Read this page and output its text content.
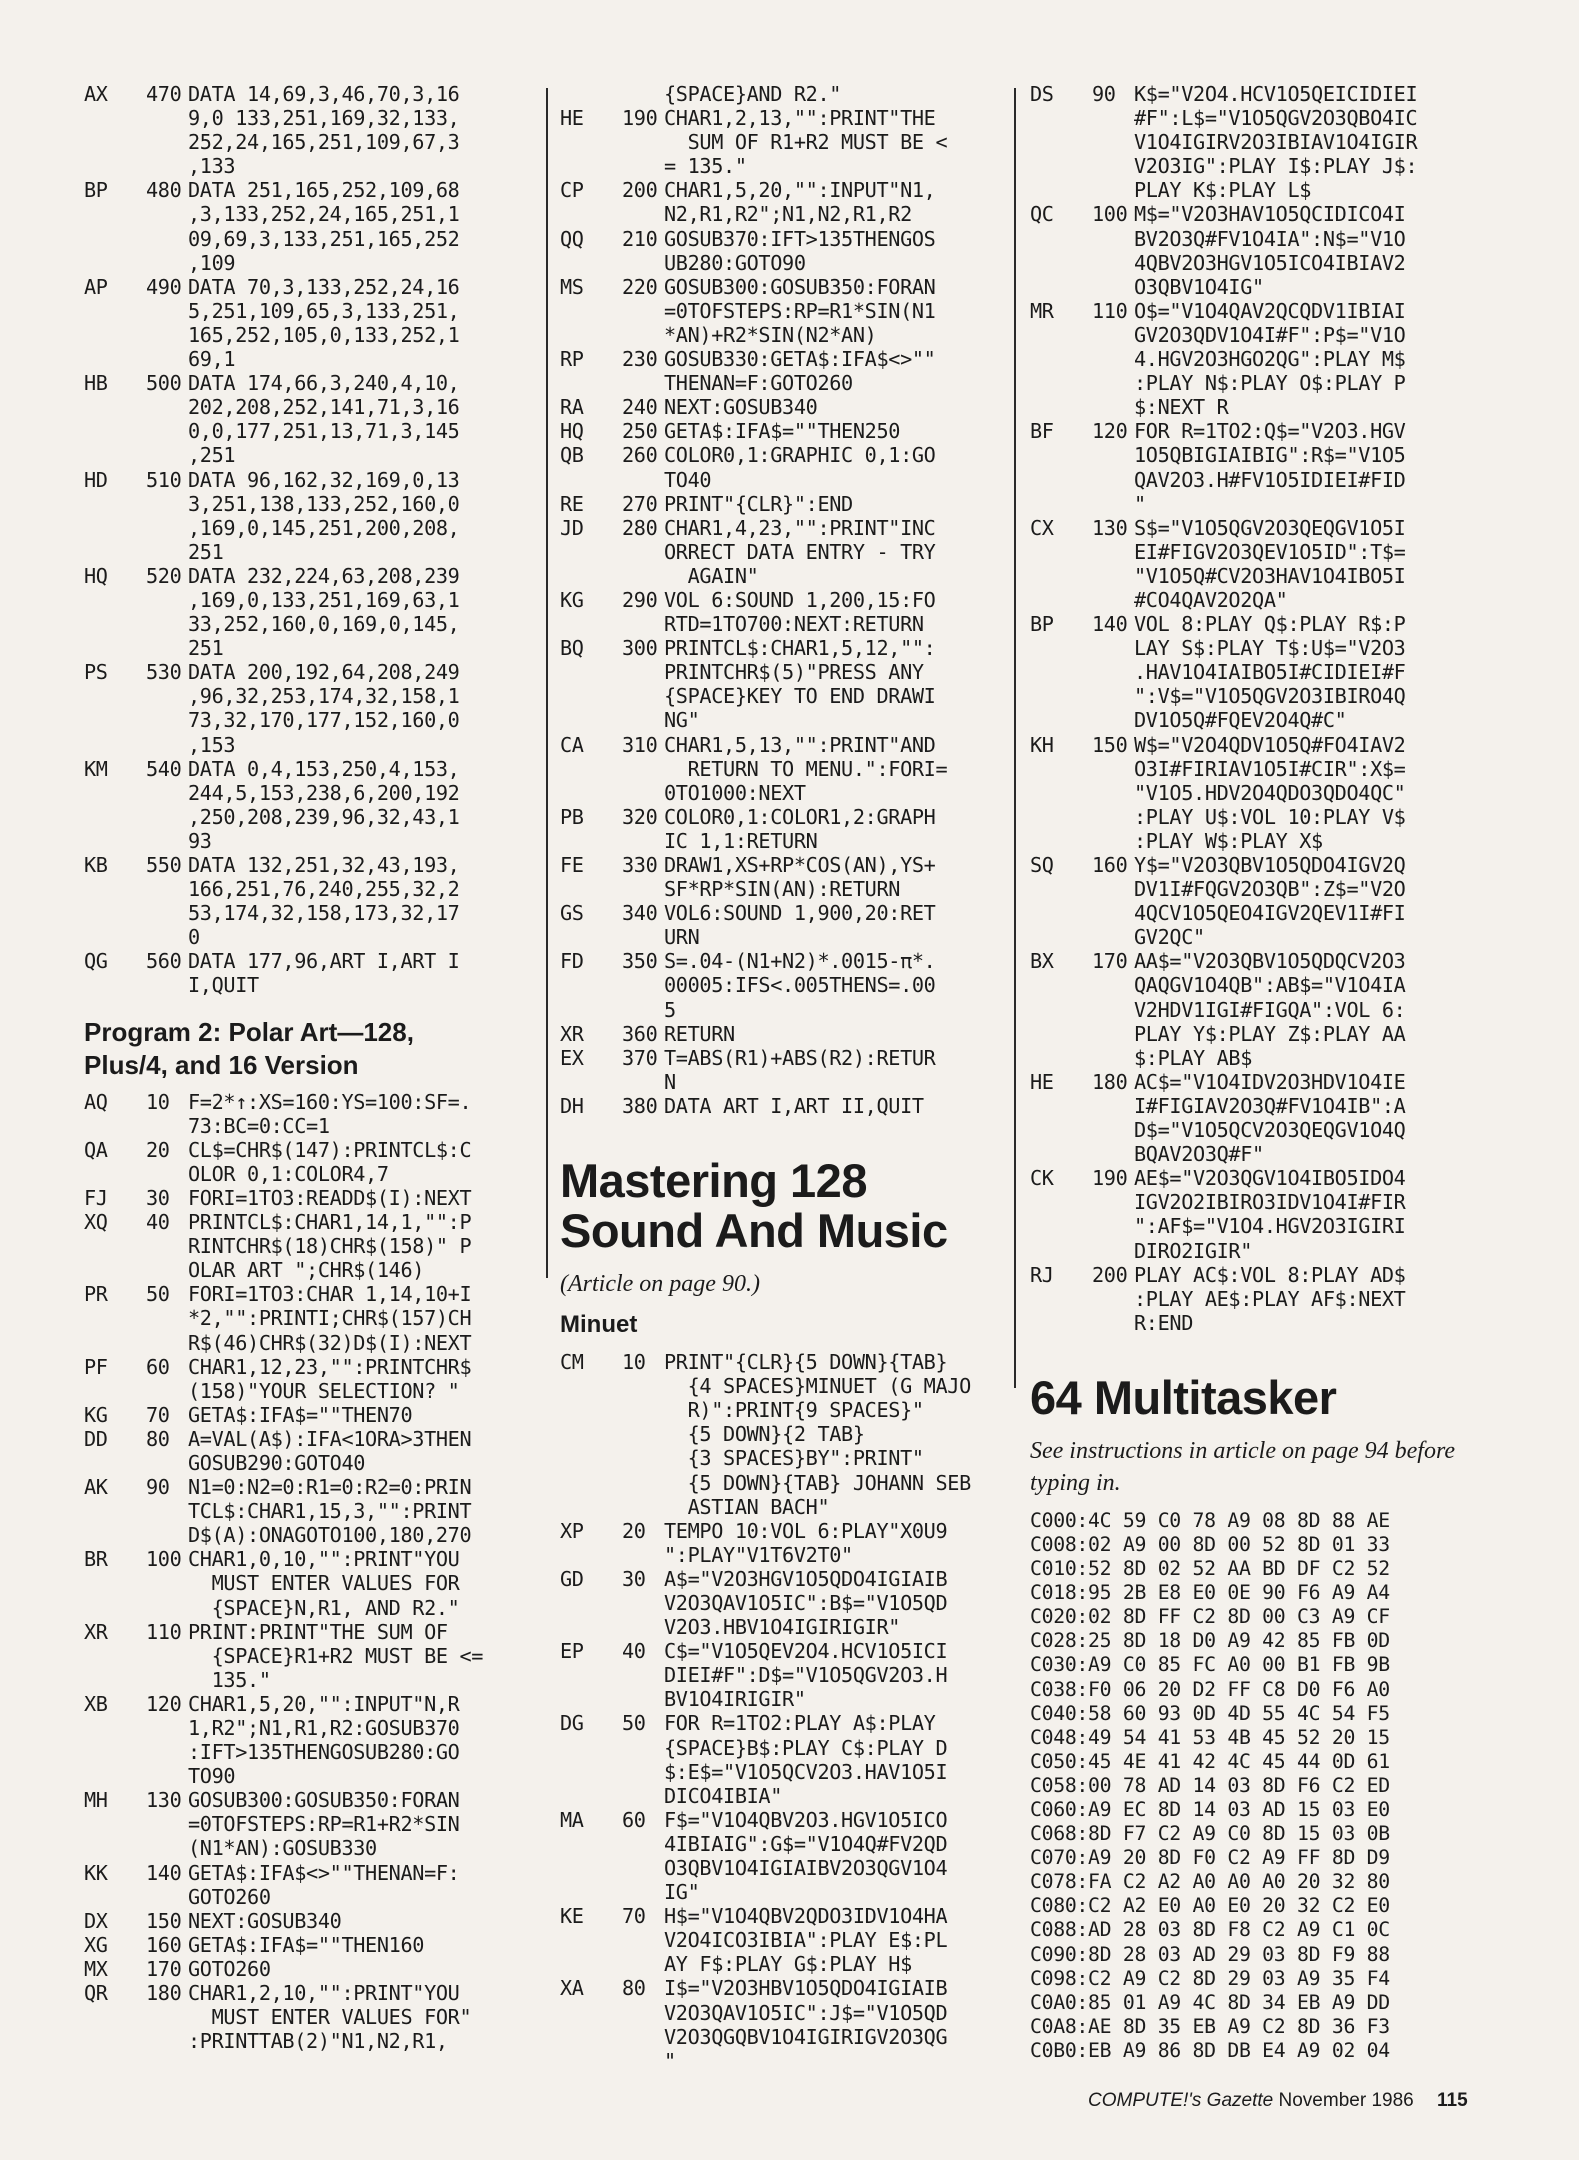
AX	470 DATA 14,69,3,46,70,3,16
9,0 133,251,169,32,133,
252,24,165,251,109,67,3
,133
BP	480 DATA 251,165,252,109,68
,3,133,252,24,165,251,1
09,69,3,133,251,165,252
,109
AP	490 DATA 70,3,133,252,24,16
5,251,109,65,3,133,251,
165,252,105,0,133,252,1
69,1
HB	500 DATA 174,66,3,240,4,10,
202,208,252,141,71,3,16
0,0,177,251,13,71,3,145
,251
HD	510 DATA 96,162,32,169,0,13
3,251,138,133,252,160,0
,169,0,145,251,200,208,
251
HQ	520 DATA 232,224,63,208,239
,169,0,133,251,169,63,1
33,252,160,0,169,0,145,
251
PS	530 DATA 200,192,64,208,249
,96,32,253,174,32,158,1
73,32,170,177,152,160,0
,153
KM	540 DATA 0,4,153,250,4,153,
244,5,153,238,6,200,192
,250,208,239,96,32,43,1
93
KB	550 DATA 132,251,32,43,193,
166,251,76,240,255,32,2
53,174,32,158,173,32,17
0
QG	560 DATA 177,96,ART I,ART I
I,QUIT
Program 2: Polar Art—128,
Plus/4, and 16 Version
AQ	10 F=2*↑:XS=160:YS=100:SF=.
73:BC=0:CC=1
QA	20 CL$=CHR$(147):PRINTCL$:C
OLOR 0,1:COLOR4,7
FJ	30 FORI=1TO3:READD$(I):NEXT
XQ	40 PRINTCL$:CHAR1,14,1,"":P
RINTCHR$(18)CHR$(158)" P
OLAR ART ";CHR$(146)
PR	50 FORI=1TO3:CHAR 1,14,10+I
*2,"":PRINTI;CHR$(157)CH
R$(46)CHR$(32)D$(I):NEXT
PF	60 CHAR1,12,23,"":PRINTCHR$
(158)"YOUR SELECTION? "
KG	70 GETA$:IFA$=""THEN70
DD	80 A=VAL(A$):IFA<1ORA>3THEN
GOSUB290:GOTO40
AK	90 N1=0:N2=0:R1=0:R2=0:PRIN
TCL$:CHAR1,15,3,"":PRINT
D$(A):ONAGOTO100,180,270
BR	100 CHAR1,0,10,"":PRINT"YOU
MUST ENTER VALUES FOR
{SPACE}N,R1, AND R2."
XR	110 PRINT:PRINT"THE SUM OF
{SPACE}R1+R2 MUST BE <=
135."
XB	120 CHAR1,5,20,"":INPUT"N,R
1,R2";N1,R1,R2:GOSUB370
:IFT>135THENGOSUB280:GO
TO90
MH	130 GOSUB300:GOSUB350:FORAN
=0TOFSTEPS:RP=R1+R2*SIN
(N1*AN):GOSUB330
KK	140 GETA$:IFA$<>""THENAN=F:
GOTO260
DX	150 NEXT:GOSUB340
XG	160 GETA$:IFA$=""THEN160
MX	170 GOTO260
QR	180 CHAR1,2,10,"":PRINT"YOU
MUST ENTER VALUES FOR"
:PRINTTAB(2)"N1,N2,R1,
{SPACE}AND R2."
HE	190 CHAR1,2,13,"":PRINT"THE
SUM OF R1+R2 MUST BE <
= 135."
CP	200 CHAR1,5,20,"":INPUT"N1,
N2,R1,R2";N1,N2,R1,R2
QQ	210 GOSUB370:IFT>135THENGOS
UB280:GOTO90
MS	220 GOSUB300:GOSUB350:FORAN
=0TOFSTEPS:RP=R1*SIN(N1
*AN)+R2*SIN(N2*AN)
RP	230 GOSUB330:GETA$:IFA$<>""
THENAN=F:GOTO260
RA	240 NEXT:GOSUB340
HQ	250 GETA$:IFA$=""THEN250
QB	260 COLOR0,1:GRAPHIC 0,1:GO
TO40
RE	270 PRINT"{CLR}":END
JD	280 CHAR1,4,23,"":PRINT"INC
ORRECT DATA ENTRY - TRY
AGAIN"
KG	290 VOL 6:SOUND 1,200,15:FO
RTD=1TO700:NEXT:RETURN
BQ	300 PRINTCL$:CHAR1,5,12,"":
PRINTCHR$(5)"PRESS ANY
{SPACE}KEY TO END DRAWI
NG"
CA	310 CHAR1,5,13,"":PRINT"AND
RETURN TO MENU.":FORI=
0TO1000:NEXT
PB	320 COLOR0,1:COLOR1,2:GRAPH
IC 1,1:RETURN
FE	330 DRAW1,XS+RP*COS(AN),YS+
SF*RP*SIN(AN):RETURN
GS	340 VOL6:SOUND 1,900,20:RET
URN
FD	350 S=.04-(N1+N2)*.0015-π*.
00005:IFS<.005THENS=.00
5
XR	360 RETURN
EX	370 T=ABS(R1)+ABS(R2):RETUR
N
DH	380 DATA ART I,ART II,QUIT
Mastering 128
Sound And Music
(Article on page 90.)
Minuet
CM	10 PRINT"{CLR}{5 DOWN}{TAB}
{4 SPACES}MINUET (G MAJO
R)":PRINT{9 SPACES}"
{5 DOWN}{2 TAB}
{3 SPACES}BY":PRINT"
{5 DOWN}{TAB} JOHANN SEB
ASTIAN BACH"
XP	20 TEMPO 10:VOL 6:PLAY"X0U9
":PLAY"V1T6V2T0"
GD	30 A$="V2O3HGV1O5QDO4IGIAIB
V2O3QAV1O5IC":B$="V1O5QD
V2O3.HBV1O4IGIRIGIR"
EP	40 C$="V1O5QEV2O4.HCV1O5ICI
DIEI#F":D$="V1O5QGV2O3.H
BV1O4IRIGIR"
DG	50 FOR R=1TO2:PLAY A$:PLAY
{SPACE}B$:PLAY C$:PLAY D
$:E$="V1O5QCV2O3.HAV1O5I
DICO4IBIA"
MA	60 F$="V1O4QBV2O3.HGV1O5ICO
4IBIAIG":G$="V1O4Q#FV2QD
O3QBV1O4IGIAIBV2O3QGV1O4
IG"
KE	70 H$="V1O4QBV2QDO3IDV1O4HA
V2O4ICO3IBIA":PLAY E$:PL
AY F$:PLAY G$:PLAY H$
XA	80 I$="V2O3HBV1O5QDO4IGIAIB
V2O3QAV1O5IC":J$="V1O5QD
V2O3QGQBV1O4IGIRIGV2O3QG
"
DS	90 K$="V2O4.HCV1O5QEICIDIEI
#F":L$="V1O5QGV2O3QBO4IC
V1O4IGIRV2O3IBIAV1O4IGIR
V2O3IG":PLAY I$:PLAY J$:
PLAY K$:PLAY L$
QC	100 M$="V2O3HAV1O5QCIDICO4I
BV2O3Q#FV1O4IA":N$="V1O
4QBV2O3HGV1O5ICO4IBIAV2
O3QBV1O4IG"
MR	110 O$="V1O4QAV2QCQDV1IBIAI
GV2O3QDV1O4I#F":P$="V1O
4.HGV2O3HGO2QG":PLAY M$
:PLAY N$:PLAY O$:PLAY P
$:NEXT R
BF	120 FOR R=1TO2:Q$="V2O3.HGV
1O5QBIGIAIBIG":R$="V1O5
QAV2O3.H#FV1O5IDIEI#FID
"
CX	130 S$="V1O5QGV2O3QEQGV1O5I
EI#FIGV2O3QEV1O5ID":T$=
"V1O5Q#CV2O3HAV1O4IBO5I
#CO4QAV2O2QA"
BP	140 VOL 8:PLAY Q$:PLAY R$:P
LAY S$:PLAY T$:U$="V2O3
.HAV1O4IAIBO5I#CIDIEI#F
":V$="V1O5QGV2O3IBIRO4Q
DV1O5Q#FQEV2O4Q#C"
KH	150 W$="V2O4QDV1O5Q#FO4IAV2
O3I#FIRIAV1O5I#CIR":X$=
"V1O5.HDV2O4QDO3QDO4QC"
:PLAY U$:VOL 10:PLAY V$
:PLAY W$:PLAY X$
SQ	160 Y$="V2O3QBV1O5QDO4IGV2Q
DV1I#FQGV2O3QB":Z$="V2O
4QCV1O5QEO4IGV2QEV1I#FI
GV2QC"
BX	170 AA$="V2O3QBV1O5QDQCV2O3
QAQGV1O4QB":AB$="V1O4IA
V2HDV1IGI#FIGQA":VOL 6:
PLAY Y$:PLAY Z$:PLAY AA
$:PLAY AB$
HE	180 AC$="V1O4IDV2O3HDV1O4IE
I#FIGIAV2O3Q#FV1O4IB":A
D$="V1O5QCV2O3QEQGV1O4Q
BQAV2O3Q#F"
CK	190 AE$="V2O3QGV1O4IBO5IDO4
IGV2O2IBIRO3IDV1O4I#FIR
":AF$="V1O4.HGV2O3IGIRI
DIRO2IGIR"
RJ	200 PLAY AC$:VOL 8:PLAY AD$
:PLAY AE$:PLAY AF$:NEXT
R:END
64 Multitasker
See instructions in article on page 94 before typing in.
C000:4C 59 C0 78 A9 08 8D 88 AE
C008:02 A9 00 8D 00 52 8D 01 33
C010:52 8D 02 52 AA BD DF C2 52
C018:95 2B E8 E0 0E 90 F6 A9 A4
C020:02 8D FF C2 8D 00 C3 A9 CF
C028:25 8D 18 D0 A9 42 85 FB 0D
C030:A9 C0 85 FC A0 00 B1 FB 9B
C038:F0 06 20 D2 FF C8 D0 F6 A0
C040:58 60 93 0D 4D 55 4C 54 F5
C048:49 54 41 53 4B 45 52 20 15
C050:45 4E 41 42 4C 45 44 0D 61
C058:00 78 AD 14 03 8D F6 C2 ED
C060:A9 EC 8D 14 03 AD 15 03 E0
C068:8D F7 C2 A9 C0 8D 15 03 0B
C070:A9 20 8D F0 C2 A9 FF 8D D9
C078:FA C2 A2 A0 A0 A0 20 32 80
C080:C2 A2 E0 A0 E0 20 32 C2 E0
C088:AD 28 03 8D F8 C2 A9 C1 0C
C090:8D 28 03 AD 29 03 8D F9 88
C098:C2 A9 C2 8D 29 03 A9 35 F4
C0A0:85 01 A9 4C 8D 34 EB A9 DD
C0A8:AE 8D 35 EB A9 C2 8D 36 F3
C0B0:EB A9 86 8D DB E4 A9 02 04
COMPUTE!'s Gazette November 1986 115
